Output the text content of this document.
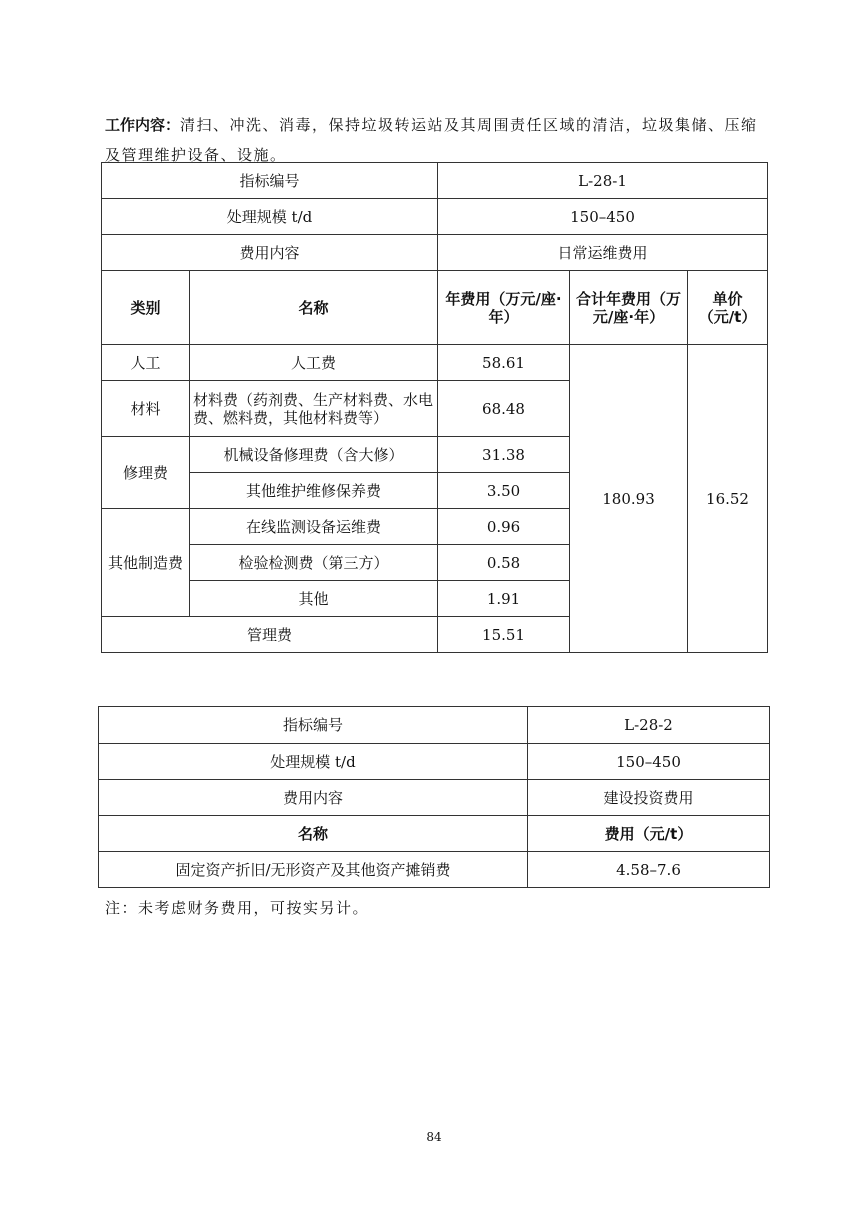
工作内容：清扫、冲洗、消毒，保持垃圾转运站及其周围责任区域的清洁，垃圾集储、压缩及管理维护设备、设施。
指标编号		L-28-1		
处理规模 t/d		150–450		
费用内容		日常运维费用		
类别	名称	年费用（万元/座·年）	合计年费用（万元/座·年）	单价（元/t）
人工	人工费	58.61	180.93	16.52
材料	材料费（药剂费、生产材料费、水电费、燃料费，其他材料费等）	68.48		
修理费	机械设备修理费（含大修）	31.38		
	其他维护维修保养费	3.50		
其他制造费	在线监测设备运维费	0.96		
	检验检测费（第三方）	0.58		
	其他	1.91		
管理费		15.51		
指标编号	L-28-2
处理规模 t/d	150–450
费用内容	建设投资费用
名称	费用（元/t）
固定资产折旧/无形资产及其他资产摊销费	4.58–7.6
注：未考虑财务费用，可按实另计。
84
